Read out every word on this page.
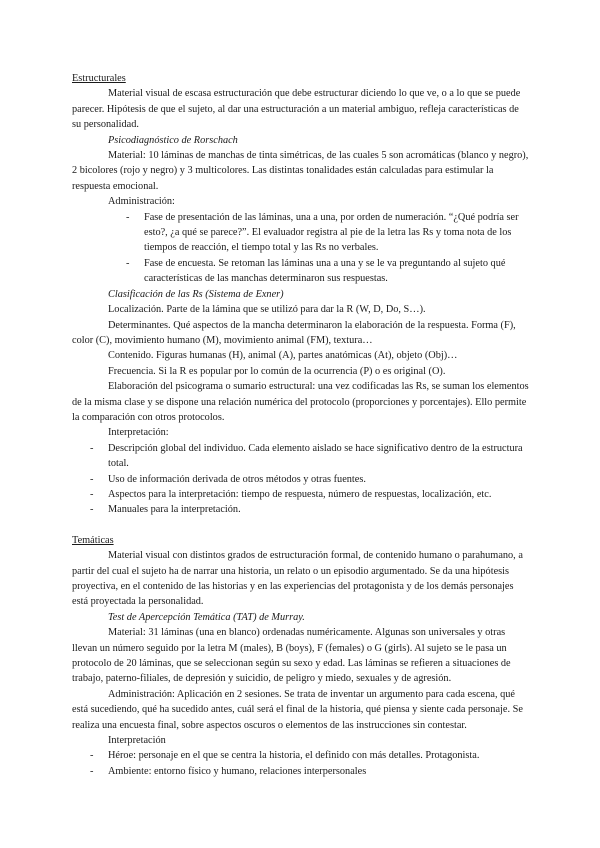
Estructurales

Material visual de escasa estructuración que debe estructurar diciendo lo que ve, o a lo que se puede parecer. Hipótesis de que el sujeto, al dar una estructuración a un material ambiguo, refleja características de su personalidad.

Psicodiagnóstico de Rorschach

Material: 10 láminas de manchas de tinta simétricas, de las cuales 5 son acromáticas (blanco y negro), 2 bicolores (rojo y negro) y 3 multicolores. Las distintas tonalidades están calculadas para estimular la respuesta emocional.

Administración:

- Fase de presentación de las láminas, una a una, por orden de numeración. “¿Qué podría ser esto?, ¿a qué se parece?”. El evaluador registra al pie de la letra las Rs y toma nota de los tiempos de reacción, el tiempo total y las Rs no verbales.
- Fase de encuesta. Se retoman las láminas una a una y se le va preguntando al sujeto qué características de las manchas determinaron sus respuestas.

Clasificación de las Rs (Sistema de Exner)

Localización. Parte de la lámina que se utilizó para dar la R (W, D, Do, S…).

Determinantes. Qué aspectos de la mancha determinaron la elaboración de la respuesta. Forma (F), color (C), movimiento humano (M), movimiento animal (FM), textura…

Contenido. Figuras humanas (H), animal (A), partes anatómicas (At), objeto (Obj)…

Frecuencia. Si la R es popular por lo común de la ocurrencia (P) o es original (O).

Elaboración del psicograma o sumario estructural: una vez codificadas las Rs, se suman los elementos de la misma clase y se dispone una relación numérica del protocolo (proporciones y porcentajes). Ello permite la comparación con otros protocolos.

Interpretación:

- Descripción global del individuo. Cada elemento aislado se hace significativo dentro de la estructura total.
- Uso de información derivada de otros métodos y otras fuentes.
- Aspectos para la interpretación: tiempo de respuesta, número de respuestas, localización, etc.
- Manuales para la interpretación.

Temáticas

Material visual con distintos grados de estructuración formal, de contenido humano o parahumano, a partir del cual el sujeto ha de narrar una historia, un relato o un episodio argumentado. Se da una hipótesis proyectiva, en el contenido de las historias y en las experiencias del protagonista y de los demás personajes está proyectada la personalidad.

Test de Apercepción Temática (TAT) de Murray.

Material: 31 láminas (una en blanco) ordenadas numéricamente. Algunas son universales y otras llevan un número seguido por la letra M (males), B (boys), F (females) o G (girls). Al sujeto se le pasa un protocolo de 20 láminas, que se seleccionan según su sexo y edad. Las láminas se refieren a situaciones de trabajo, paterno-filiales, de depresión y suicidio, de peligro y miedo, sexuales y de agresión.

Administración: Aplicación en 2 sesiones. Se trata de inventar un argumento para cada escena, qué está sucediendo, qué ha sucedido antes, cuál será el final de la historia, qué piensa y siente cada personaje. Se realiza una encuesta final, sobre aspectos oscuros o elementos de las instrucciones sin contestar.

Interpretación

- Héroe: personaje en el que se centra la historia, el definido con más detalles. Protagonista.
- Ambiente: entorno físico y humano, relaciones interpersonales
